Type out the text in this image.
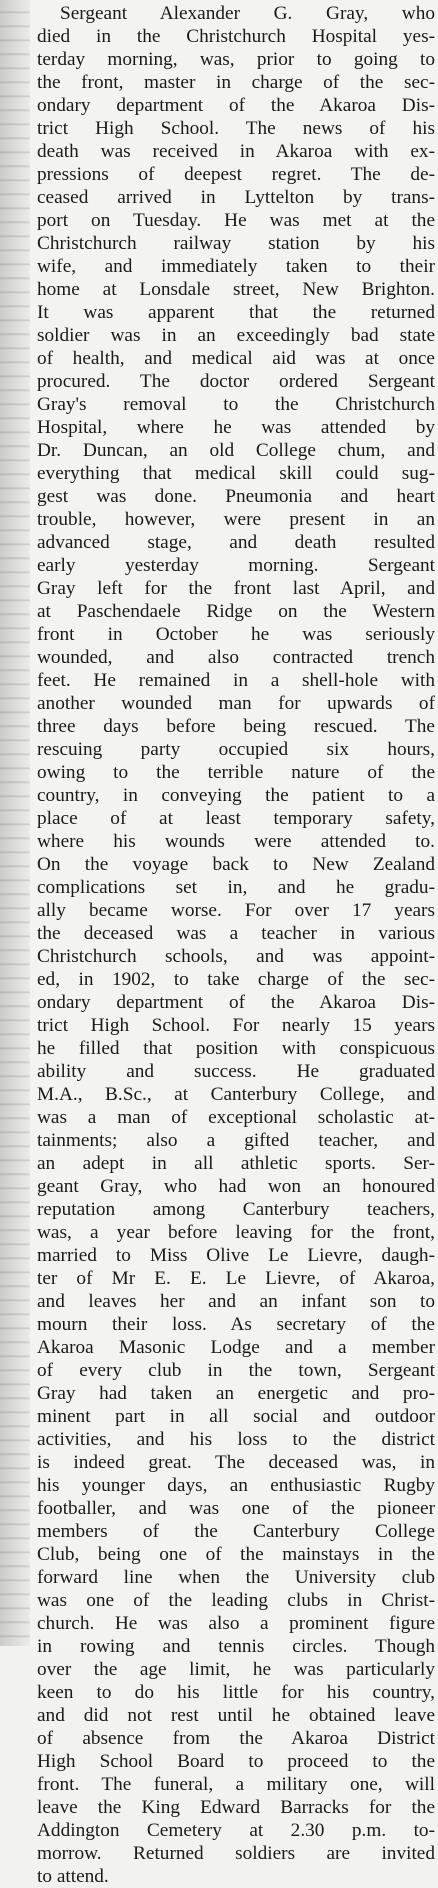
Sergeant Alexander G. Gray, who
died in the Christchurch Hospital yes-
terday morning, was, prior to going to
the front, master in charge of the sec-
ondary department of the Akaroa Dis-
trict High School. The news of his
death was received in Akaroa with ex-
pressions of deepest regret. The de-
ceased arrived in Lyttelton by trans-
port on Tuesday. He was met at the
Christchurch railway station by his
wife, and immediately taken to their
home at Lonsdale street, New Brighton.
It was apparent that the returned
soldier was in an exceedingly bad state
of health, and medical aid was at once
procured. The doctor ordered Sergeant
Gray's removal to the Christchurch
Hospital, where he was attended by
Dr. Duncan, an old College chum, and
everything that medical skill could sug-
gest was done. Pneumonia and heart
trouble, however, were present in an
advanced stage, and death resulted
early yesterday morning. Sergeant
Gray left for the front last April, and
at Paschendaele Ridge on the Western
front in October he was seriously
wounded, and also contracted trench
feet. He remained in a shell-hole with
another wounded man for upwards of
three days before being rescued. The
rescuing party occupied six hours,
owing to the terrible nature of the
country, in conveying the patient to a
place of at least temporary safety,
where his wounds were attended to.
On the voyage back to New Zealand
complications set in, and he gradu-
ally became worse. For over 17 years
the deceased was a teacher in various
Christchurch schools, and was appoint-
ed, in 1902, to take charge of the sec-
ondary department of the Akaroa Dis-
trict High School. For nearly 15 years
he filled that position with conspicuous
ability and success. He graduated
M.A., B.Sc., at Canterbury College, and
was a man of exceptional scholastic at-
tainments; also a gifted teacher, and
an adept in all athletic sports. Ser-
geant Gray, who had won an honoured
reputation among Canterbury teachers,
was, a year before leaving for the front,
married to Miss Olive Le Lievre, daugh-
ter of Mr E. E. Le Lievre, of Akaroa,
and leaves her and an infant son to
mourn their loss. As secretary of the
Akaroa Masonic Lodge and a member
of every club in the town, Sergeant
Gray had taken an energetic and pro-
minent part in all social and outdoor
activities, and his loss to the district
is indeed great. The deceased was, in
his younger days, an enthusiastic Rugby
footballer, and was one of the pioneer
members of the Canterbury College
Club, being one of the mainstays in the
forward line when the University club
was one of the leading clubs in Christ-
church. He was also a prominent figure
in rowing and tennis circles. Though
over the age limit, he was particularly
keen to do his little for his country,
and did not rest until he obtained leave
of absence from the Akaroa District
High School Board to proceed to the
front. The funeral, a military one, will
leave the King Edward Barracks for the
Addington Cemetery at 2.30 p.m. to-
morrow. Returned soldiers are invited
to attend.
